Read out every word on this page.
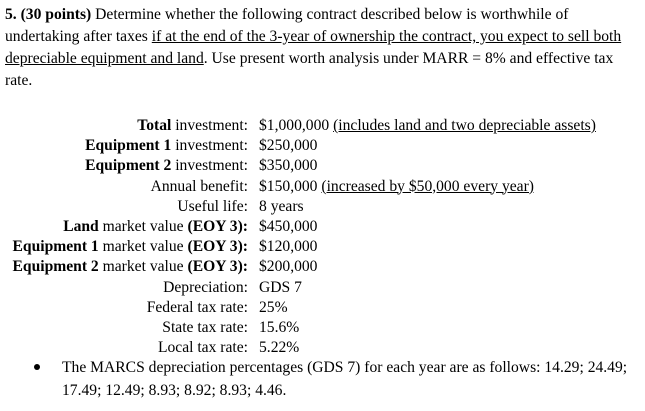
5. (30 points) Determine whether the following contract described below is worthwhile of undertaking after taxes if at the end of the 3-year of ownership the contract, you expect to sell both depreciable equipment and land. Use present worth analysis under MARR = 8% and effective tax rate.
Total investment: $1,000,000 (includes land and two depreciable assets)
Equipment 1 investment: $250,000
Equipment 2 investment: $350,000
Annual benefit: $150,000 (increased by $50,000 every year)
Useful life: 8 years
Land market value (EOY 3): $450,000
Equipment 1 market value (EOY 3): $120,000
Equipment 2 market value (EOY 3): $200,000
Depreciation: GDS 7
Federal tax rate: 25%
State tax rate: 15.6%
Local tax rate: 5.22%
The MARCS depreciation percentages (GDS 7) for each year are as follows: 14.29; 24.49; 17.49; 12.49; 8.93; 8.92; 8.93; 4.46.
